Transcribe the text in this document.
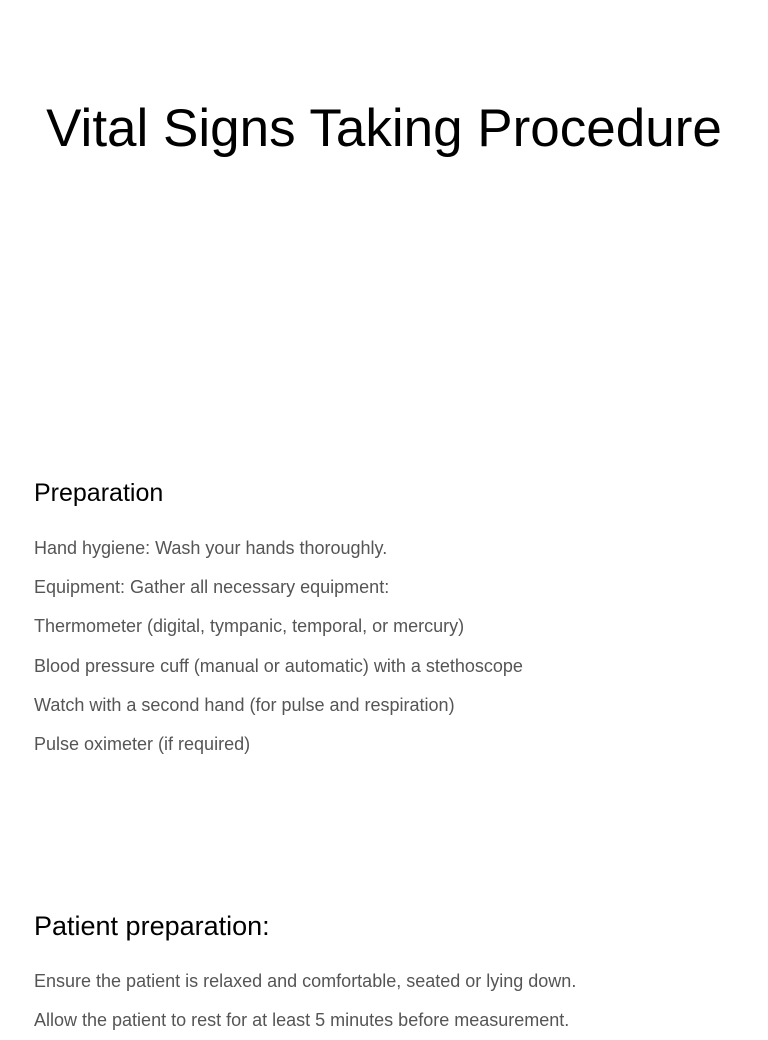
Vital Signs Taking Procedure
Preparation
Hand hygiene: Wash your hands thoroughly.
Equipment: Gather all necessary equipment:
Thermometer (digital, tympanic, temporal, or mercury)
Blood pressure cuff (manual or automatic) with a stethoscope
Watch with a second hand (for pulse and respiration)
Pulse oximeter (if required)
Patient preparation:
Ensure the patient is relaxed and comfortable, seated or lying down.
Allow the patient to rest for at least 5 minutes before measurement.
